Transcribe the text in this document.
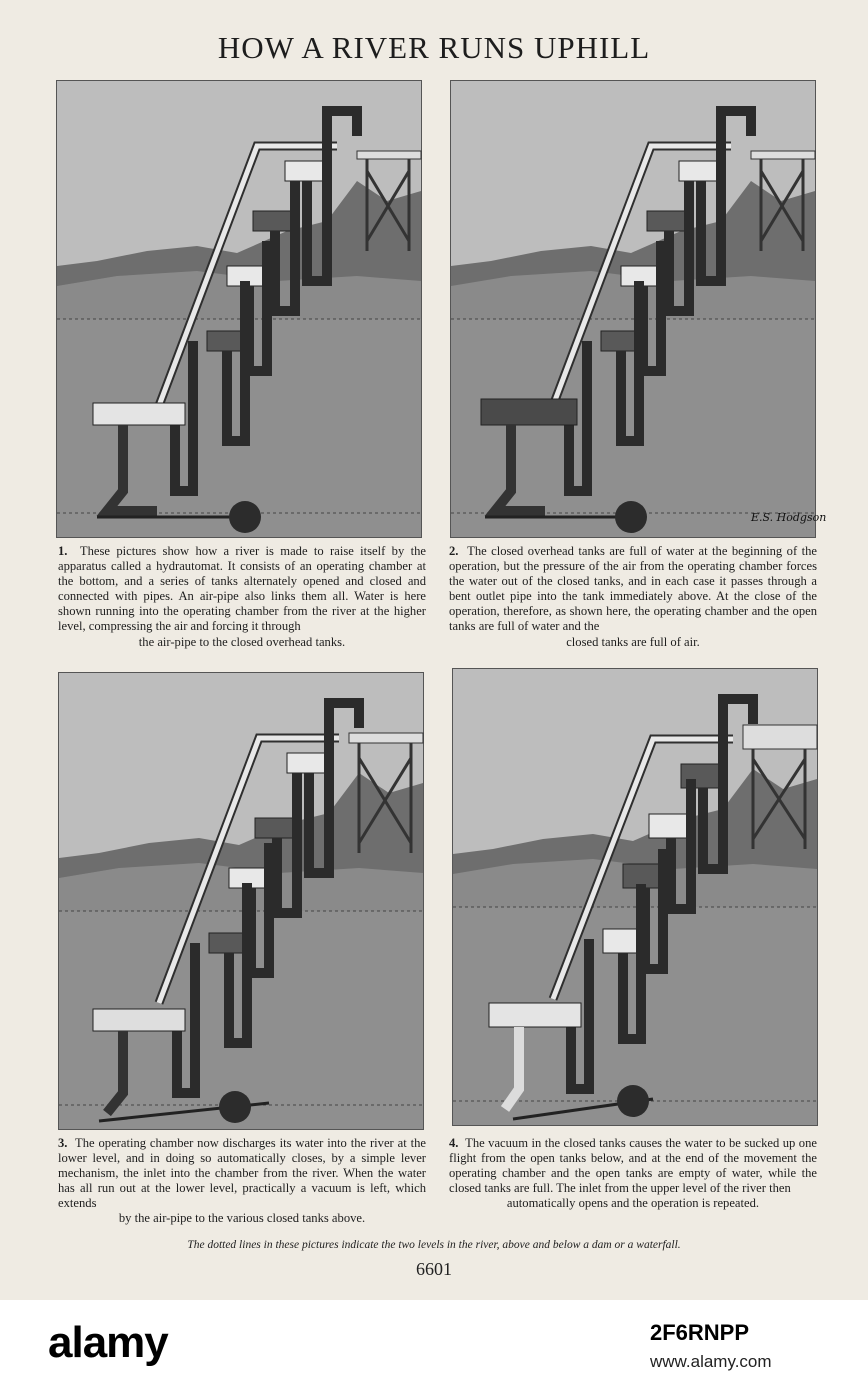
HOW A RIVER RUNS UPHILL
E.S. Hodgson
1. These pictures show how a river is made to raise itself by the apparatus called a hydrautomat. It consists of an operating chamber at the bottom, and a series of tanks alternately opened and closed and connected with pipes. An air-pipe also links them all. Water is here shown running into the operating chamber from the river at the higher level, compressing the air and forcing it through
the air-pipe to the closed overhead tanks.
2. The closed overhead tanks are full of water at the beginning of the operation, but the pressure of the air from the operating chamber forces the water out of the closed tanks, and in each case it passes through a bent outlet pipe into the tank immediately above. At the close of the operation, therefore, as shown here, the operating chamber and the open tanks are full of water and the
closed tanks are full of air.
3. The operating chamber now discharges its water into the river at the lower level, and in doing so automatically closes, by a simple lever mechanism, the inlet into the chamber from the river. When the water has all run out at the lower level, practically a vacuum is left, which extends
by the air-pipe to the various closed tanks above.
4. The vacuum in the closed tanks causes the water to be sucked up one flight from the open tanks below, and at the end of the movement the operating chamber and the open tanks are empty of water, while the closed tanks are full. The inlet from the upper level of the river then
automatically opens and the operation is repeated.
The dotted lines in these pictures indicate the two levels in the river, above and below a dam or a waterfall.
6601
alamy	2F6RNPP
www.alamy.com
